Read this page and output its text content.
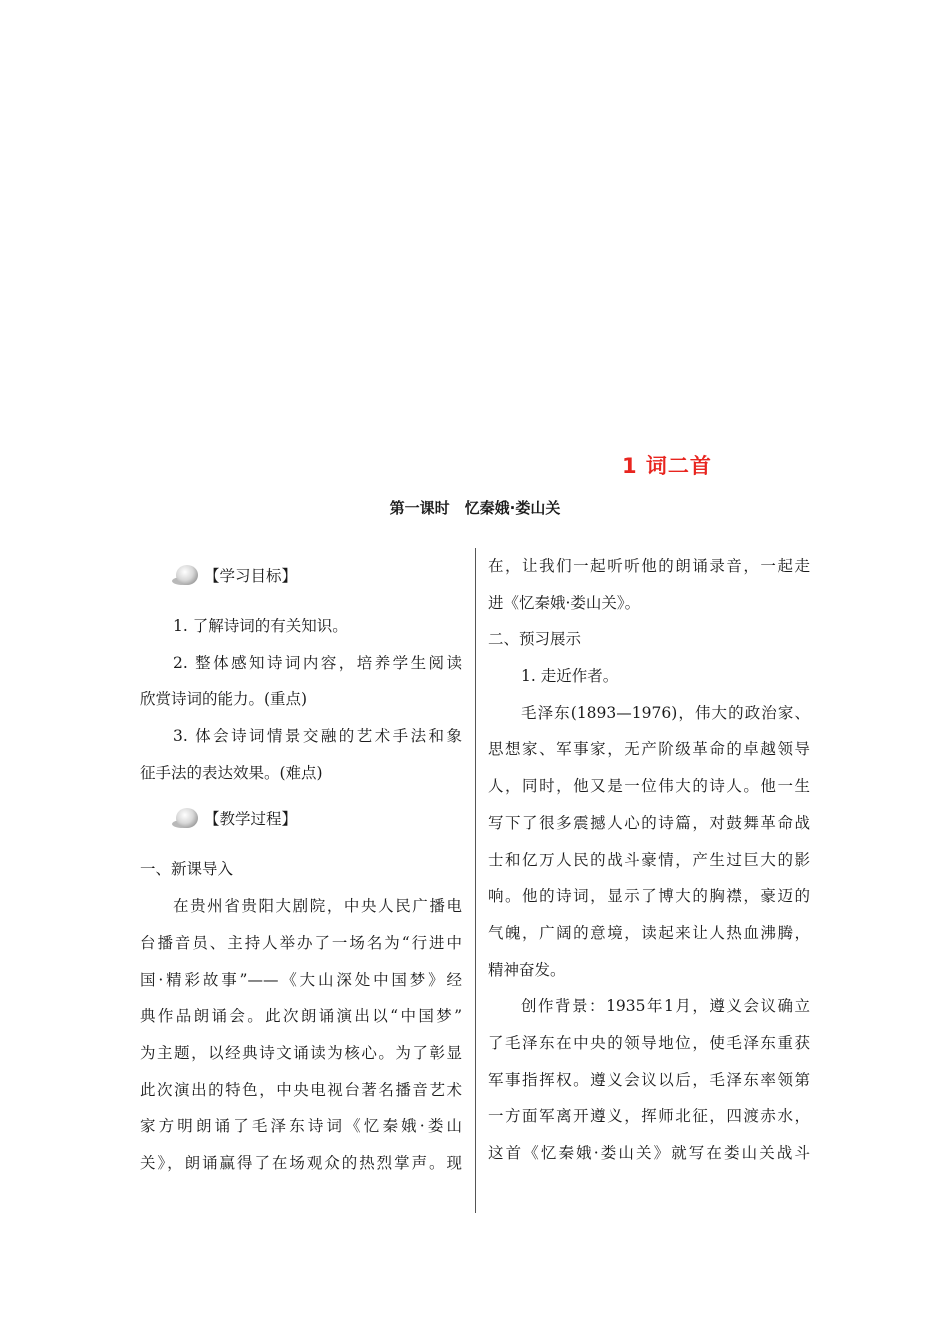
1 词二首
第一课时　忆秦娥·娄山关
【学习目标】
1. 了解诗词的有关知识。
2. 整体感知诗词内容，培养学生阅读
欣赏诗词的能力。(重点)
3. 体会诗词情景交融的艺术手法和象
征手法的表达效果。(难点)
【教学过程】
一、新课导入
在贵州省贵阳大剧院，中央人民广播电
台播音员、主持人举办了一场名为“行进中
国·精彩故事”——《大山深处中国梦》经
典作品朗诵会。此次朗诵演出以“中国梦”
为主题，以经典诗文诵读为核心。为了彰显
此次演出的特色，中央电视台著名播音艺术
家方明朗诵了毛泽东诗词《忆秦娥·娄山
关》，朗诵赢得了在场观众的热烈掌声。现
在，让我们一起听听他的朗诵录音，一起走
进《忆秦娥·娄山关》。
二、预习展示
1. 走近作者。
毛泽东(1893—1976)，伟大的政治家、
思想家、军事家，无产阶级革命的卓越领导
人，同时，他又是一位伟大的诗人。他一生
写下了很多震撼人心的诗篇，对鼓舞革命战
士和亿万人民的战斗豪情，产生过巨大的影
响。他的诗词，显示了博大的胸襟，豪迈的
气魄，广阔的意境，读起来让人热血沸腾，
精神奋发。
创作背景：1935年1月，遵义会议确立
了毛泽东在中央的领导地位，使毛泽东重获
军事指挥权。遵义会议以后，毛泽东率领第
一方面军离开遵义，挥师北征，四渡赤水，
这首《忆秦娥·娄山关》就写在娄山关战斗
